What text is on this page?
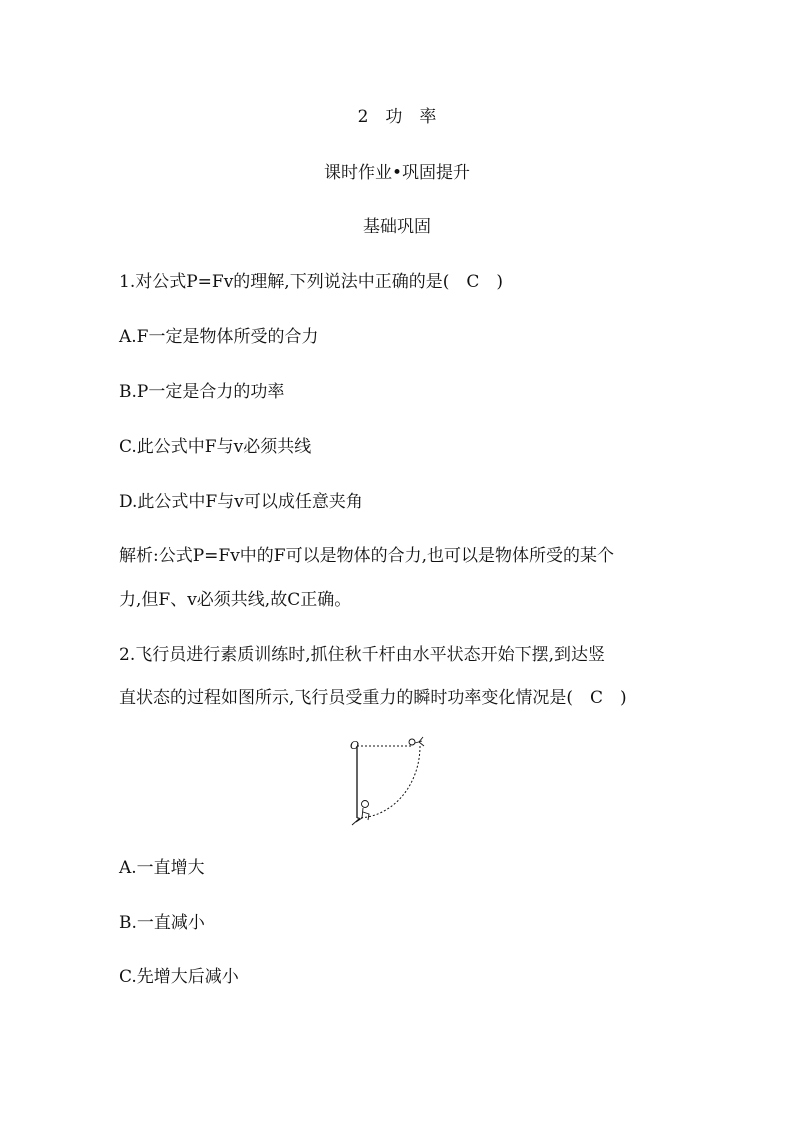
2　功　率
课时作业•巩固提升
基础巩固
1.对公式P=Fv的理解,下列说法中正确的是(　C　)
A.F一定是物体所受的合力
B.P一定是合力的功率
C.此公式中F与v必须共线
D.此公式中F与v可以成任意夹角
解析:公式P=Fv中的F可以是物体的合力,也可以是物体所受的某个
力,但F、v必须共线,故C正确。
2.飞行员进行素质训练时,抓住秋千杆由水平状态开始下摆,到达竖
直状态的过程如图所示,飞行员受重力的瞬时功率变化情况是(　C　)
O
A.一直增大
B.一直减小
C.先增大后减小
